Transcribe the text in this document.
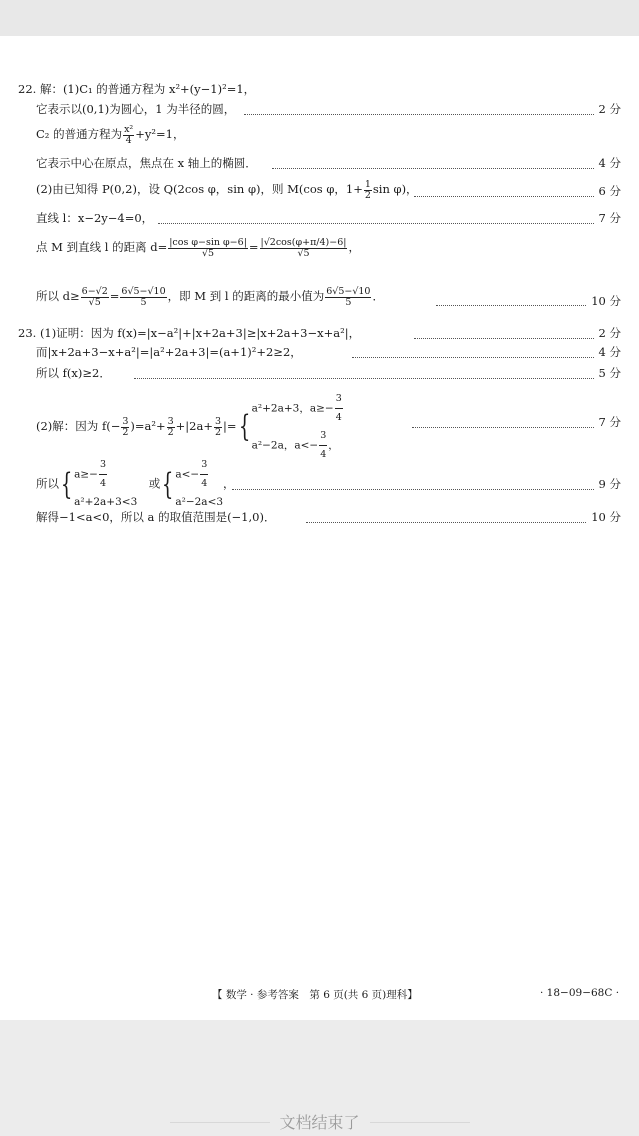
22. 解：(1)C₁ 的普通方程为 x²+(y−1)²=1，
它表示以(0,1)为圆心，1 为半径的圆，	2 分
C₂ 的普通方程为 $\frac{\text{x²}}{4} +y^2=1$，
它表示中心在原点，焦点在 x 轴上的椭圆．	4 分
(2)由已知得 P(0,2)，设 Q(2cos φ，sin φ)，则 M(cos φ，$1+ \frac{1}{2}$ sin φ)，	6 分
直线 l：x−2y−4=0，	7 分
点 M 到直线 l 的距离 $d= \frac{\text{|cos φ−sin φ−6|}}{√5} = \frac{|√2\cos(\varphi+\pi/4)-6|}{√5}$ ，
所以 $d\ge \frac{6-√2}{√5} = \frac{6√5-√10}{5}$ ，即 M 到 l 的距离的最小值为 $\frac{6√5-√10}{5}$ ．	10 分
23. (1)证明：因为 f(x)=|x−a²|+|x+2a+3|≥|x+2a+3−x+a²|，	2 分
而|x+2a+3−x+a²|=|a²+2a+3|=(a+1)²+2≥2，	4 分
所以 f(x)≥2．	5 分
(2)解：因为 $f(- \frac{3}{2} )=a^2+ \frac{3}{2} +|2a+ \frac{3}{2}$ |={
a²+2a+3，$a\ge- \frac{3}{4}$
a²−2a，$a<- \frac{3}{4}$ ，
7 分
所以{ $a\ge- \frac{3}{4}$
a²+2a+3<3
　或{ $a<- \frac{3}{4}$
a²−2a<3
，	9 分
解得−1<a<0，所以 a 的取值范围是(−1,0)．	10 分
【 数学 · 参考答案　第 6 页(共 6 页)理科】	· 18−09−68C ·
文档结束了
